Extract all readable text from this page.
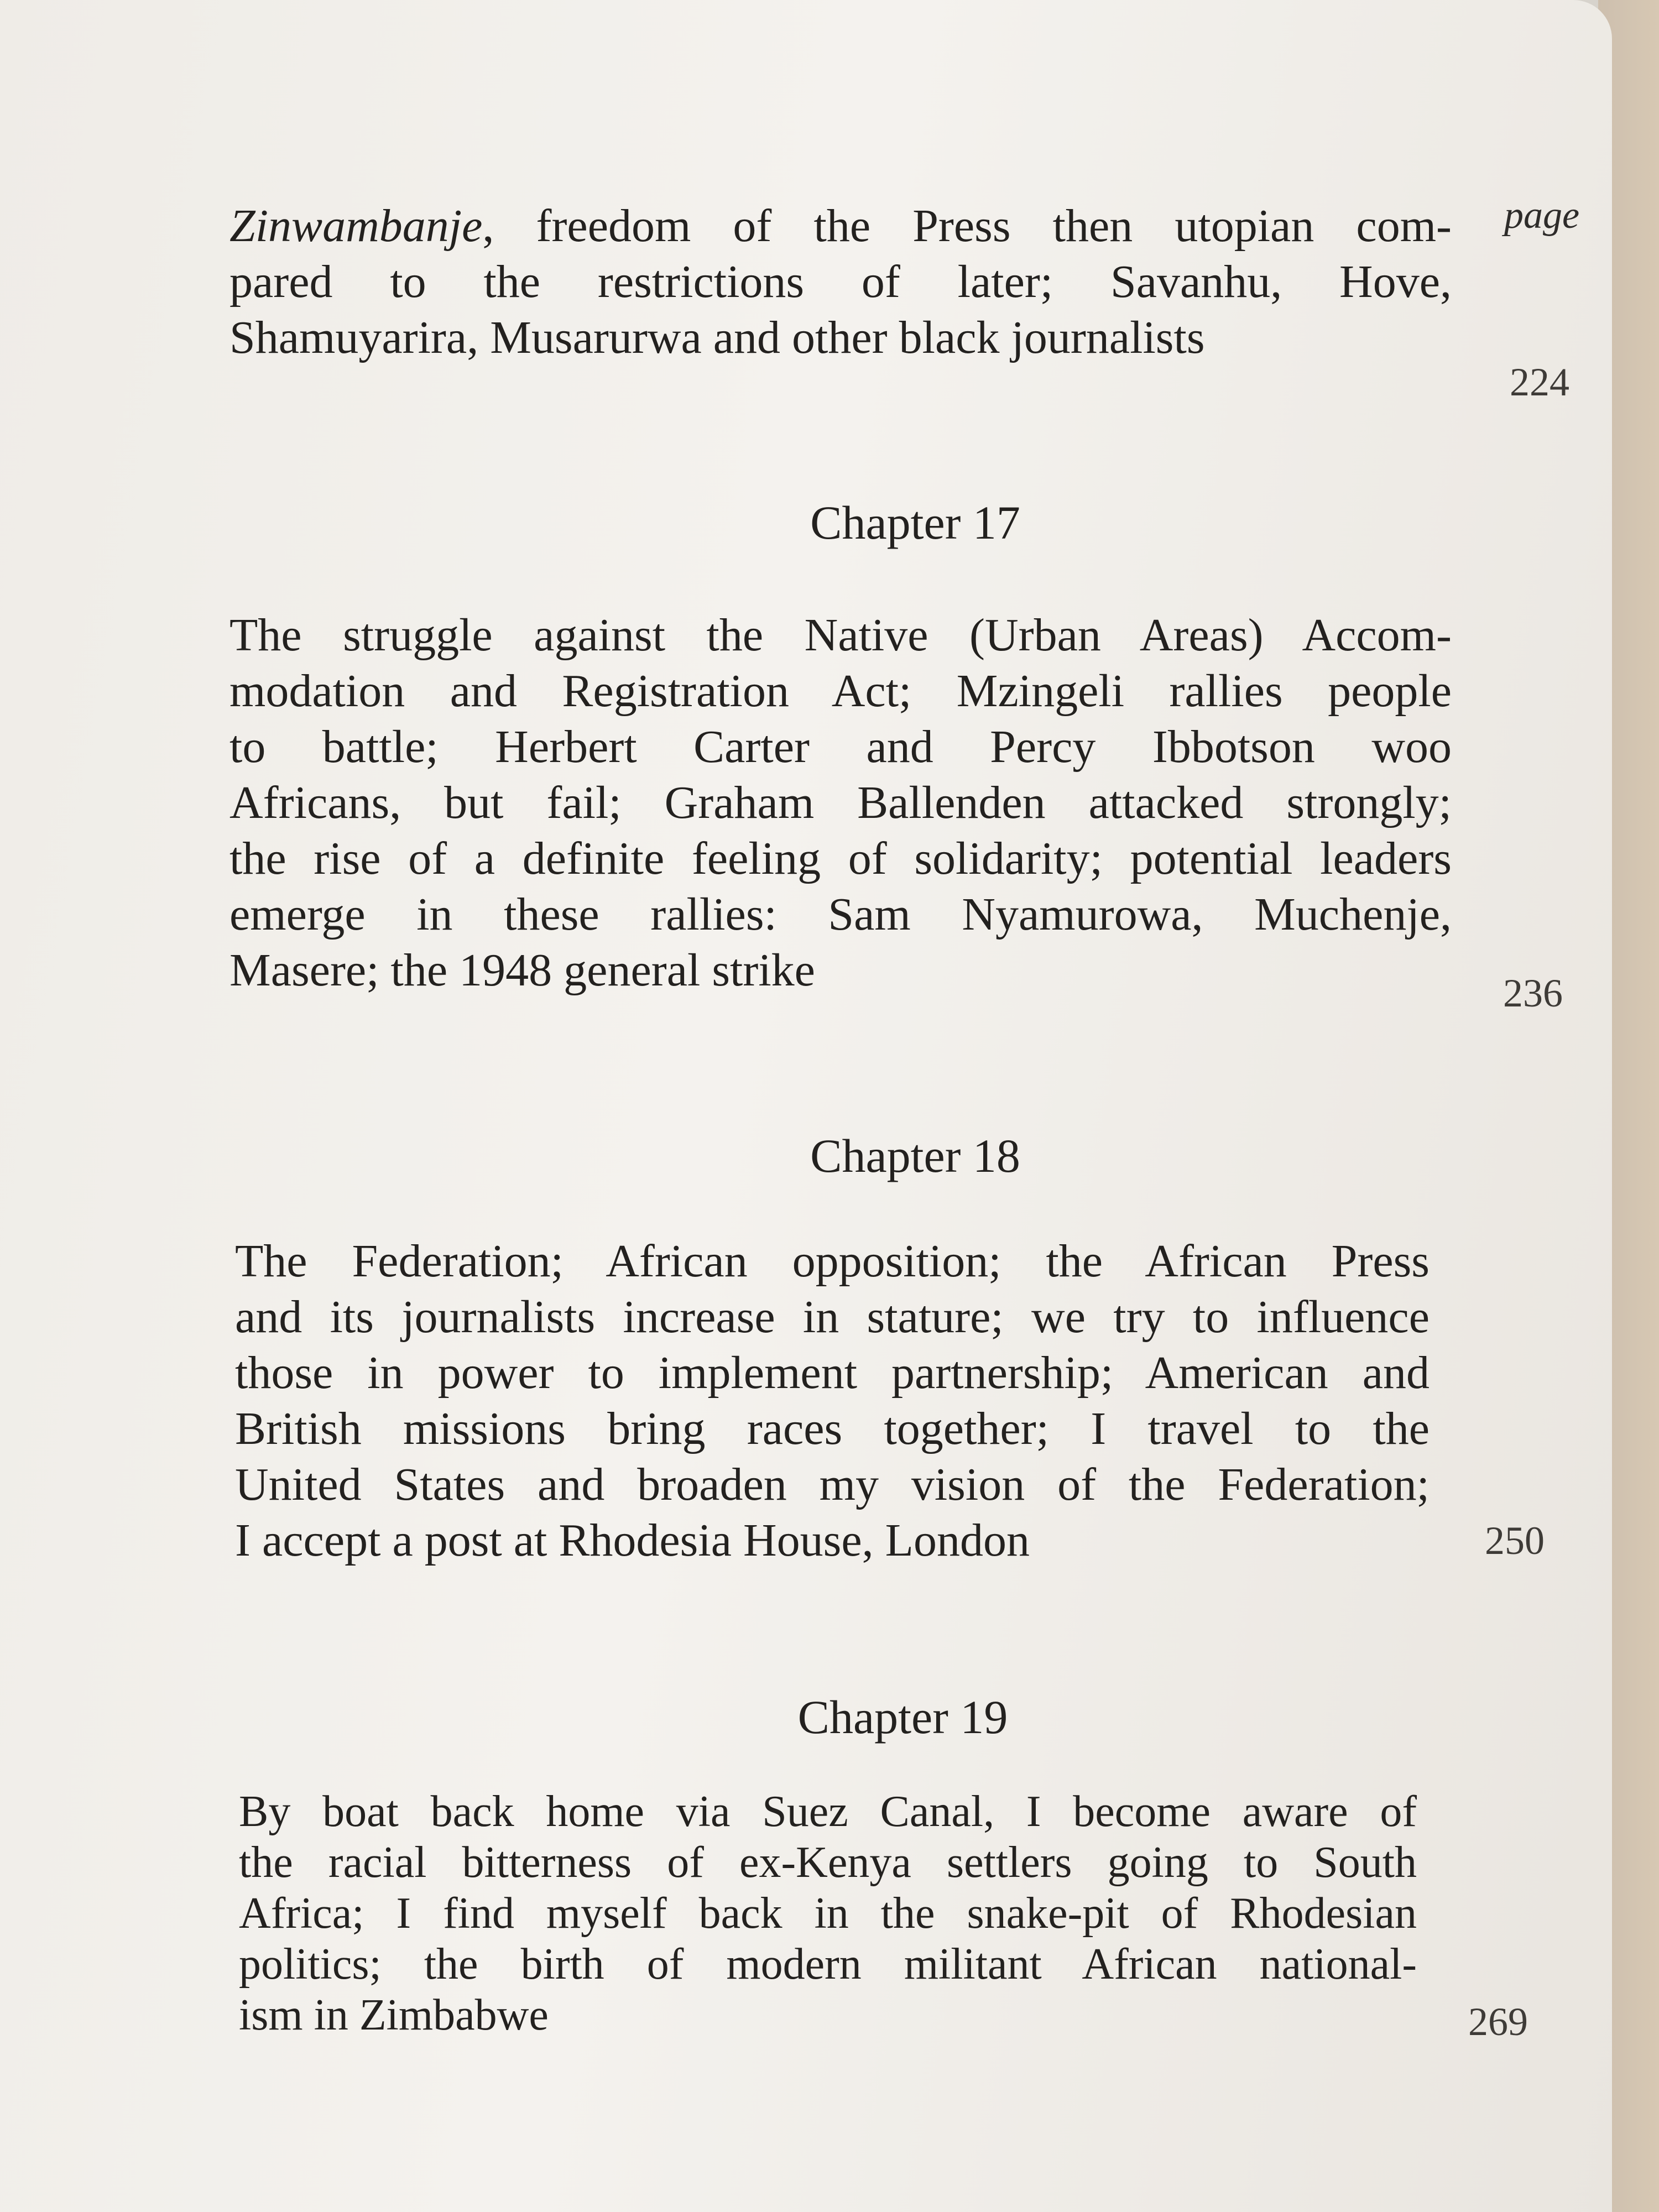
page
Zinwambanje, freedom of the Press then utopian com-
pared to the restrictions of later; Savanhu, Hove,
Shamuyarira, Musarurwa and other black journalists
224
Chapter 17
The struggle against the Native (Urban Areas) Accom-
modation and Registration Act; Mzingeli rallies people
to battle; Herbert Carter and Percy Ibbotson woo
Africans, but fail; Graham Ballenden attacked strongly;
the rise of a definite feeling of solidarity; potential leaders
emerge in these rallies: Sam Nyamurowa, Muchenje,
Masere; the 1948 general strike	236
Chapter 18
The Federation; African opposition; the African Press
and its journalists increase in stature; we try to influence
those in power to implement partnership; American and
British missions bring races together; I travel to the
United States and broaden my vision of the Federation;
I accept a post at Rhodesia House, London	250
Chapter 19
By boat back home via Suez Canal, I become aware of
the racial bitterness of ex-Kenya settlers going to South
Africa; I find myself back in the snake-pit of Rhodesian
politics; the birth of modern militant African national-
ism in Zimbabwe	269
